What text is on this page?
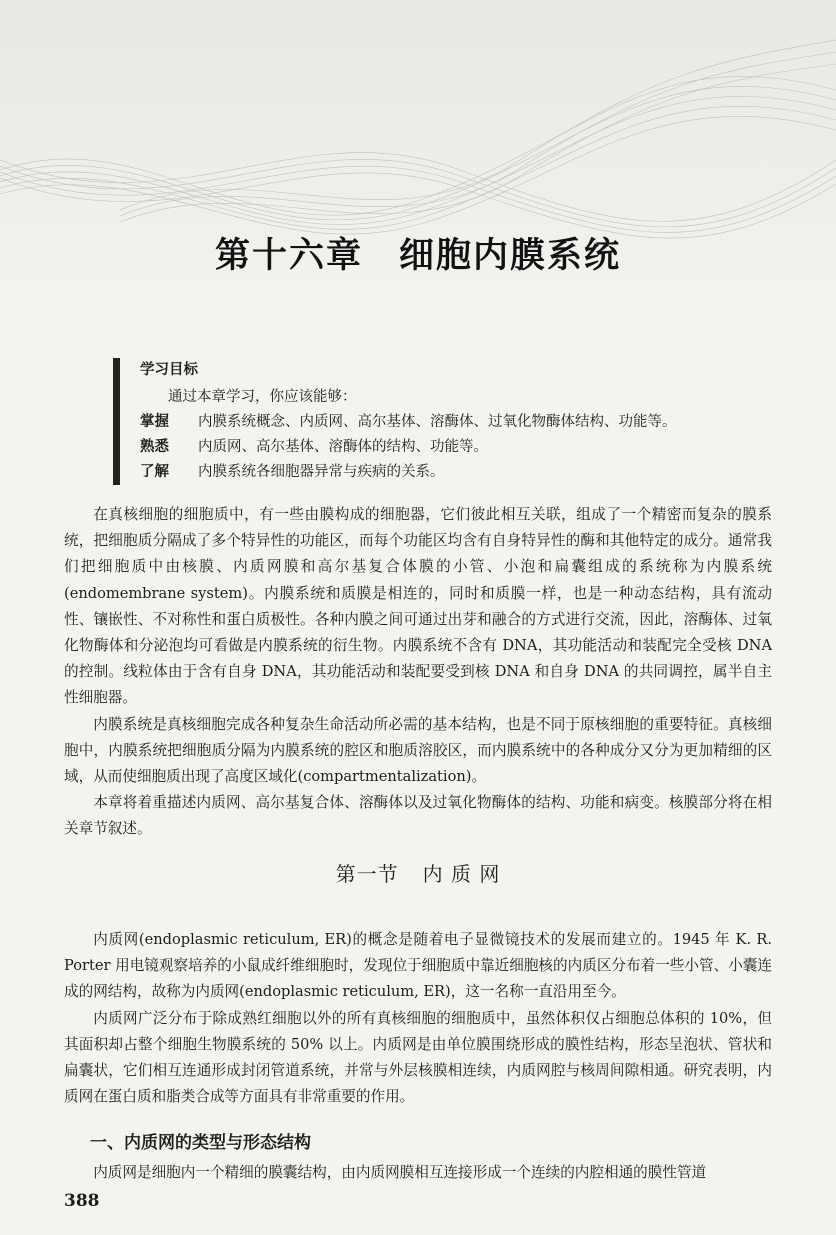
第十六章 细胞内膜系统
学习目标
通过本章学习，你应该能够：
掌握	内膜系统概念、内质网、高尔基体、溶酶体、过氧化物酶体结构、功能等。
熟悉	内质网、高尔基体、溶酶体的结构、功能等。
了解	内膜系统各细胞器异常与疾病的关系。

在真核细胞的细胞质中，有一些由膜构成的细胞器，它们彼此相互关联，组成了一个精密而复杂的膜系统，把细胞质分隔成了多个特异性的功能区，而每个功能区均含有自身特异性的酶和其他特定的成分。通常我们把细胞质中由核膜、内质网膜和高尔基复合体膜的小管、小泡和扁囊组成的系统称为内膜系统(endomembrane system)。内膜系统和质膜是相连的，同时和质膜一样，也是一种动态结构，具有流动性、镶嵌性、不对称性和蛋白质极性。各种内膜之间可通过出芽和融合的方式进行交流，因此，溶酶体、过氧化物酶体和分泌泡均可看做是内膜系统的衍生物。内膜系统不含有 DNA，其功能活动和装配完全受核 DNA 的控制。线粒体由于含有自身 DNA，其功能活动和装配要受到核 DNA 和自身 DNA 的共同调控，属半自主性细胞器。

内膜系统是真核细胞完成各种复杂生命活动所必需的基本结构，也是不同于原核细胞的重要特征。真核细胞中，内膜系统把细胞质分隔为内膜系统的腔区和胞质溶胶区，而内膜系统中的各种成分又分为更加精细的区域，从而使细胞质出现了高度区域化(compartmentalization)。

本章将着重描述内质网、高尔基复合体、溶酶体以及过氧化物酶体的结构、功能和病变。核膜部分将在相关章节叙述。

第一节 内 质 网

内质网(endoplasmic reticulum, ER)的概念是随着电子显微镜技术的发展而建立的。1945 年 K. R. Porter 用电镜观察培养的小鼠成纤维细胞时，发现位于细胞质中靠近细胞核的内质区分布着一些小管、小囊连成的网结构，故称为内质网(endoplasmic reticulum, ER)，这一名称一直沿用至今。

内质网广泛分布于除成熟红细胞以外的所有真核细胞的细胞质中，虽然体积仅占细胞总体积的 10%，但其面积却占整个细胞生物膜系统的 50% 以上。内质网是由单位膜围绕形成的膜性结构，形态呈泡状、管状和扁囊状，它们相互连通形成封闭管道系统，并常与外层核膜相连续，内质网腔与核周间隙相通。研究表明，内质网在蛋白质和脂类合成等方面具有非常重要的作用。

一、内质网的类型与形态结构

内质网是细胞内一个精细的膜囊结构，由内质网膜相互连接形成一个连续的内腔相通的膜性管道

388
